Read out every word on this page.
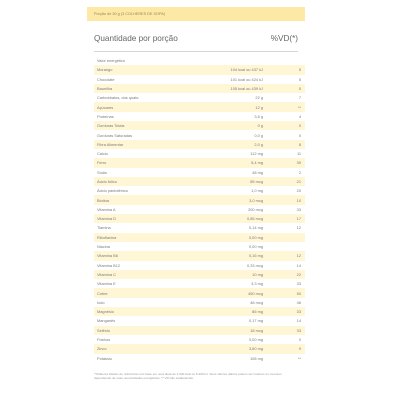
Porção de 30 g (3 COLHERES DE SOPA)
Quantidade por porção	%VD(*)
Valor energético		
Morango	104 kcal ou 437 kJ	5
Chocolate	101 kcal ou 424 kJ	5
Baunilha	105 kcal ou 439 kJ	5
Carboidratos, dos quais:	22 g	7
Açúcares	12 g	**
Proteínas	3,6 g	4
Gorduras Totais	0 g	0
Gorduras Saturadas	0,0 g	0
Fibra Alimentar	2,0 g	8
Cálcio	112 mg	11
Ferro	5,4 mg	39
Sódio	48 mg	2
Ácido fólico	85 mcg	21
Ácido pantotênico	1,0 mg	20
Biotina	3,0 mcg	10
Vitamina A	200 mcg	33
Vitamina D	0,85 mcg	17
Tiamina	0,14 mg	12
Riboflavina	0,00 mg	
Niacina	0,00 mg	
Vitamina B6	0,16 mg	12
Vitamina B12	0,33 mcg	14
Vitamina C	10 mg	22
Vitamina E	3,3 mg	33
Cobre	450 mcg	50
Iodo	48 mcg	46
Magnésio	86 mg	33
Manganês	0,17 mg	14
Selênio	18 mcg	33
Fósforo	0,00 mg	0
Zinco	3,60 mg	9
Potássio	108 mg	**
*%Valores Diários de referência com base em uma dieta de 2.000 kcal ou 8.400 kJ. Seus valores diários podem ser maiores ou menores dependendo de suas necessidades energéticas. ** VD não estabelecido.
